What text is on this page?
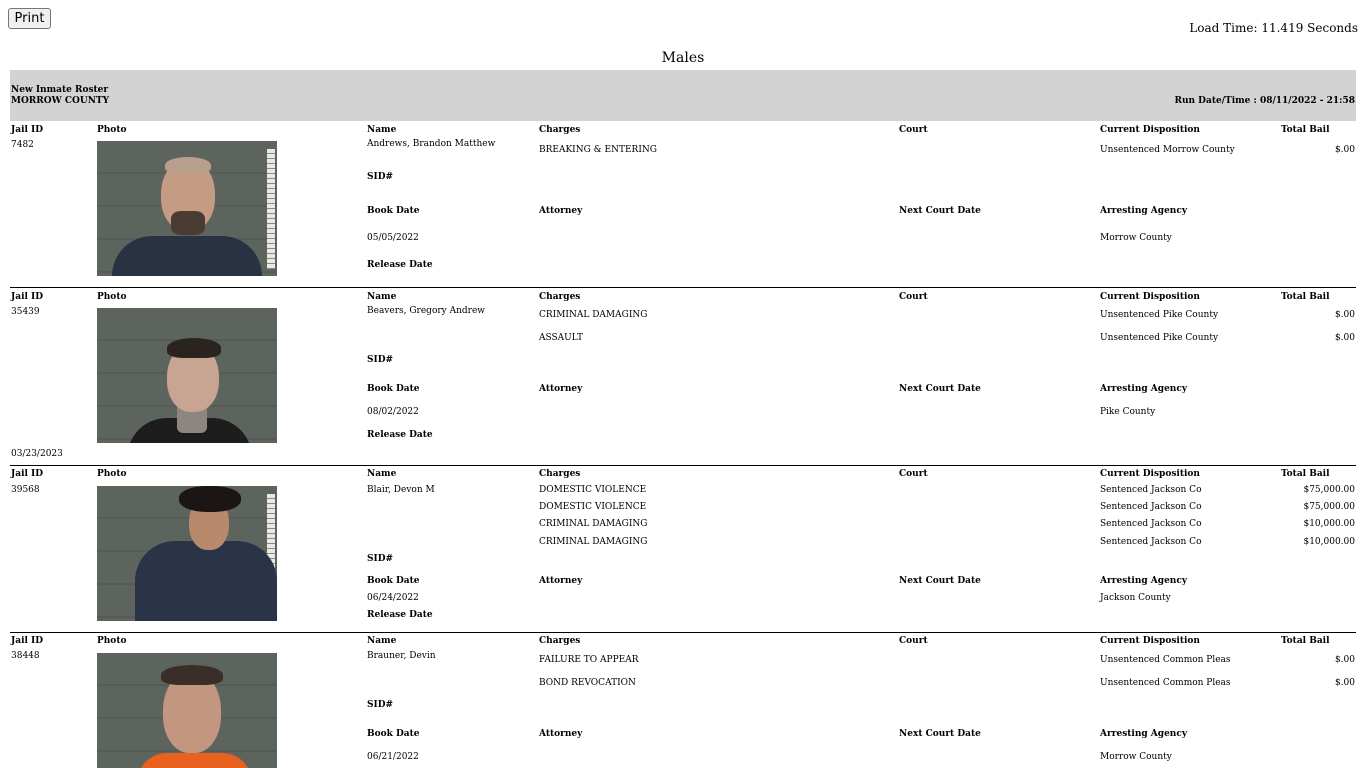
Print
Load Time: 11.419 Seconds
Males
New Inmate Roster
MORROW COUNTY	Run Date/Time : 08/11/2022 - 21:58
Jail ID	Photo	Name	Charges	Court	Current Disposition	Total Bail
7482	Andrews, Brandon Matthew
BREAKING & ENTERING	Unsentenced Morrow County	$.00
SID#
Book Date	Attorney	Next Court Date	Arresting Agency
05/05/2022	Morrow County
Release Date
Jail ID	Photo	Name	Charges	Court	Current Disposition	Total Bail
35439	Beavers, Gregory Andrew	CRIMINAL DAMAGING	Unsentenced Pike County	$.00
ASSAULT	Unsentenced Pike County	$.00
SID#
Book Date	Attorney	Next Court Date	Arresting Agency
08/02/2022	Pike County
Release Date
03/23/2023
Jail ID	Photo	Name	Charges	Court	Current Disposition	Total Bail
39568	Blair, Devon M	DOMESTIC VIOLENCE	Sentenced Jackson Co	$75,000.00
DOMESTIC VIOLENCE	Sentenced Jackson Co	$75,000.00
CRIMINAL DAMAGING	Sentenced Jackson Co	$10,000.00
CRIMINAL DAMAGING	Sentenced Jackson Co	$10,000.00
SID#
Book Date	Attorney	Next Court Date	Arresting Agency
06/24/2022	Jackson County
Release Date
Jail ID	Photo	Name	Charges	Court	Current Disposition	Total Bail
38448	Brauner, Devin	FAILURE TO APPEAR	Unsentenced Common Pleas	$.00
BOND REVOCATION	Unsentenced Common Pleas	$.00
SID#
Book Date	Attorney	Next Court Date	Arresting Agency
06/21/2022	Morrow County
